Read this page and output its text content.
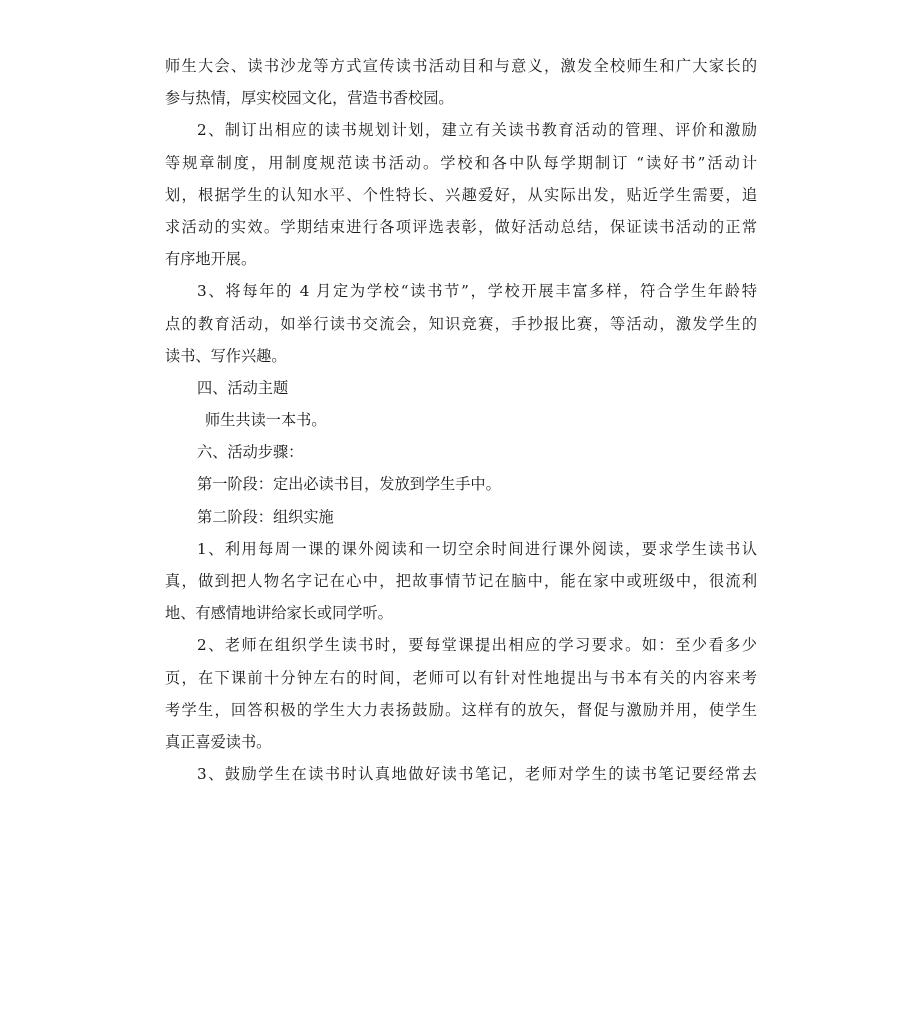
师生大会、读书沙龙等方式宣传读书活动目和与意义，激发全校师生和广大家长的
参与热情，厚实校园文化，营造书香校园。
2、制订出相应的读书规划计划，建立有关读书教育活动的管理、评价和激励
等规章制度，用制度规范读书活动。学校和各中队每学期制订 “读好书”活动计
划，根据学生的认知水平、个性特长、兴趣爱好，从实际出发，贴近学生需要，追
求活动的实效。学期结束进行各项评选表彰，做好活动总结，保证读书活动的正常
有序地开展。
3、将每年的 4 月定为学校“读书节”，学校开展丰富多样，符合学生年龄特
点的教育活动，如举行读书交流会，知识竞赛，手抄报比赛，等活动，激发学生的
读书、写作兴趣。
四、活动主题
师生共读一本书。
六、活动步骤：
第一阶段：定出必读书目，发放到学生手中。
第二阶段：组织实施
1、利用每周一课的课外阅读和一切空余时间进行课外阅读，要求学生读书认
真，做到把人物名字记在心中，把故事情节记在脑中，能在家中或班级中，很流利
地、有感情地讲给家长或同学听。
2、老师在组织学生读书时，要每堂课提出相应的学习要求。如：至少看多少
页，在下课前十分钟左右的时间，老师可以有针对性地提出与书本有关的内容来考
考学生，回答积极的学生大力表扬鼓励。这样有的放矢，督促与激励并用，使学生
真正喜爱读书。
3、鼓励学生在读书时认真地做好读书笔记，老师对学生的读书笔记要经常去
